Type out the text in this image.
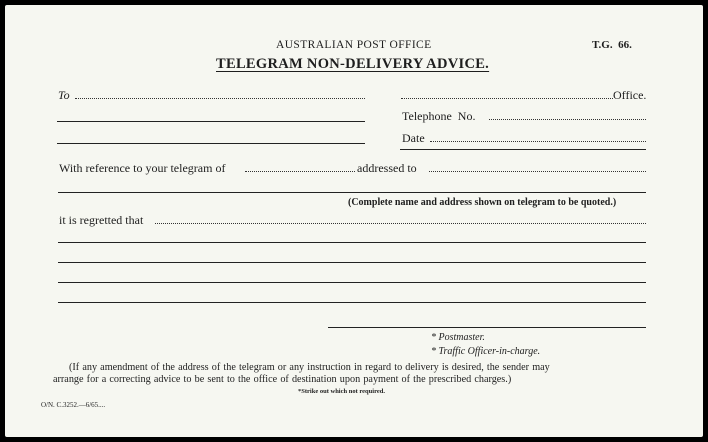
AUSTRALIAN POST OFFICE	T.G.  66.
TELEGRAM NON-DELIVERY ADVICE.
To	Office.
Telephone  No.
Date
With reference to your telegram of	addressed to
(Complete name and address shown on telegram to be quoted.)
it is regretted that
* Postmaster.
* Traffic Officer-in-charge.
(If any amendment of the address of the telegram or any instruction in regard to delivery is desired, the sender may
arrange for a correcting advice to be sent to the office of destination upon payment of the prescribed charges.)
*Strike out which not required.
O/N. C.3252.—6/65....
